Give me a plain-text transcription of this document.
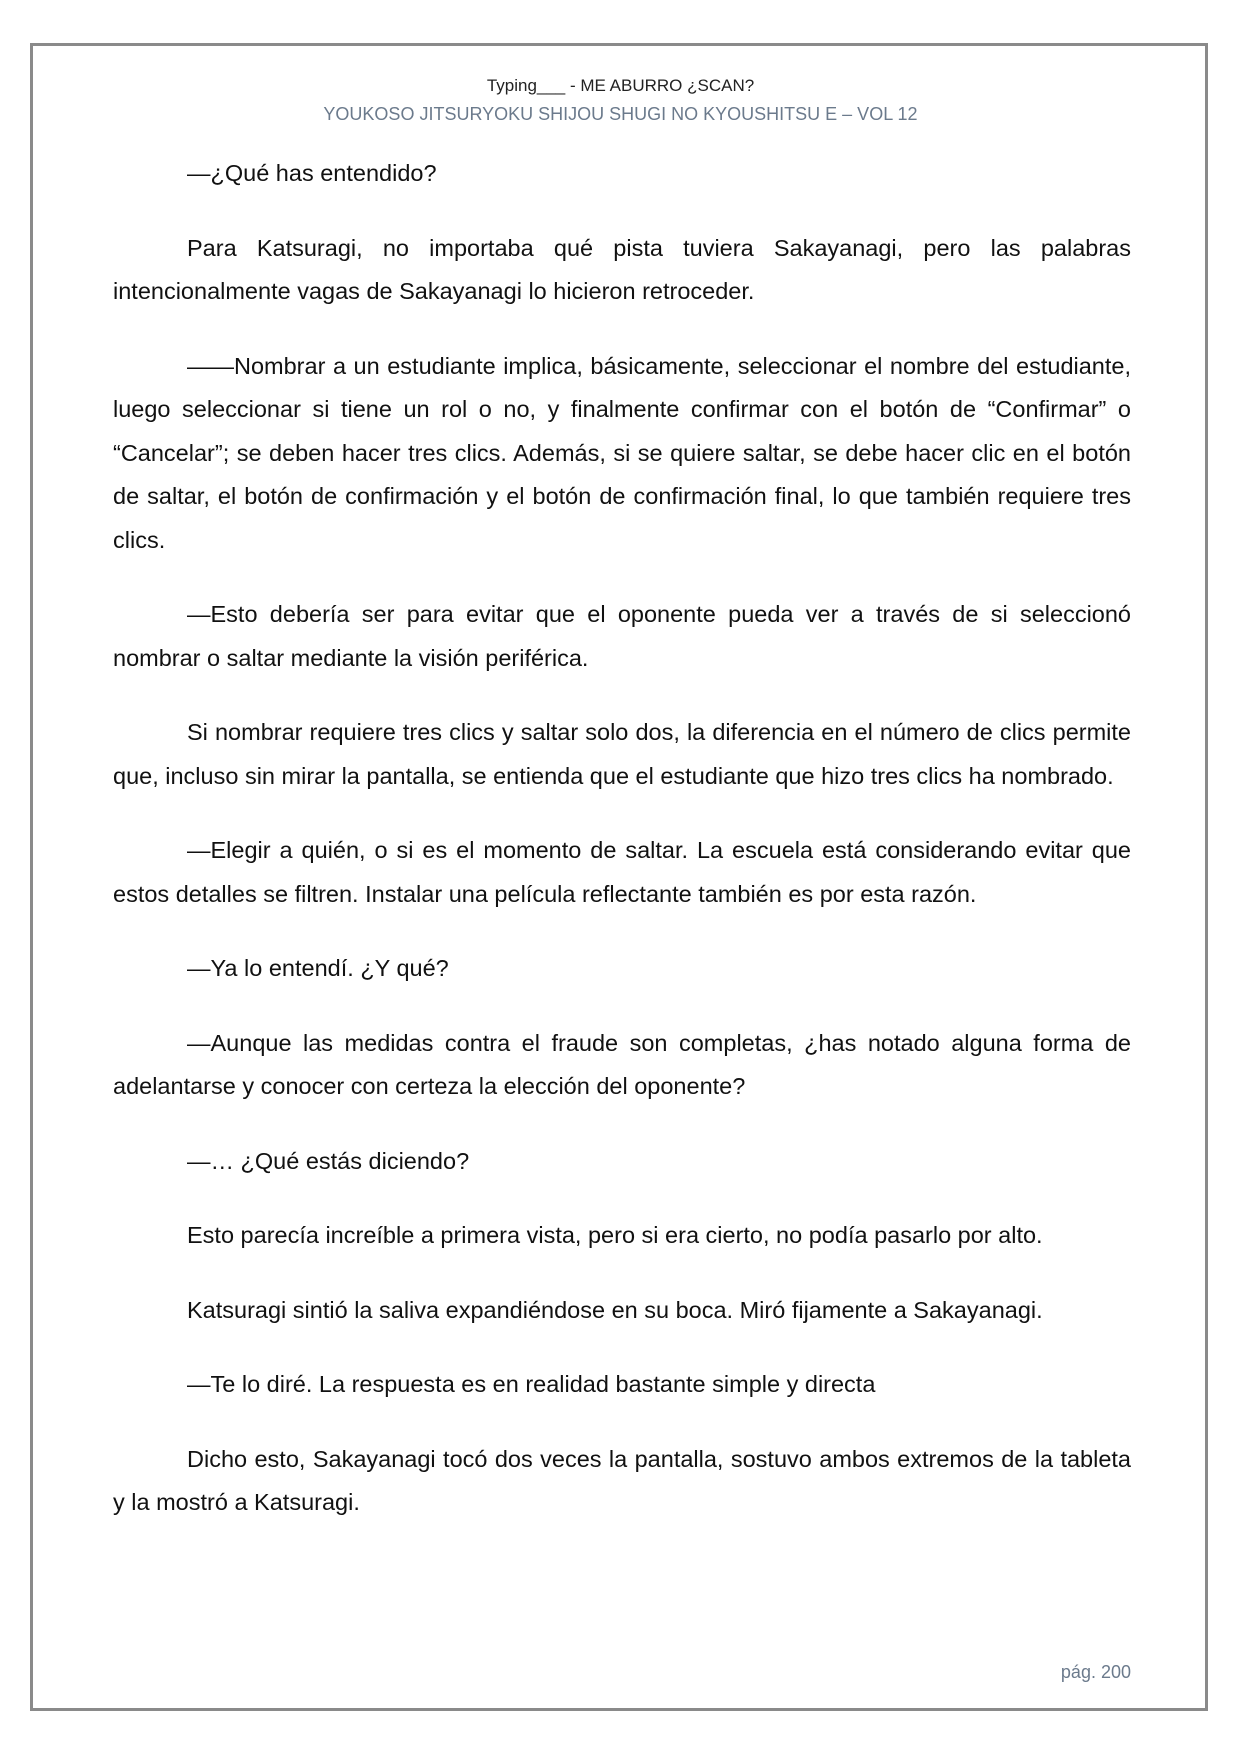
Typing___ - ME ABURRO ¿SCAN?
YOUKOSO JITSURYOKU SHIJOU SHUGI NO KYOUSHITSU E – VOL 12

—¿Qué has entendido?

Para Katsuragi, no importaba qué pista tuviera Sakayanagi, pero las palabras intencionalmente vagas de Sakayanagi lo hicieron retroceder.

——Nombrar a un estudiante implica, básicamente, seleccionar el nombre del estudiante, luego seleccionar si tiene un rol o no, y finalmente confirmar con el botón de “Confirmar” o “Cancelar”; se deben hacer tres clics. Además, si se quiere saltar, se debe hacer clic en el botón de saltar, el botón de confirmación y el botón de confirmación final, lo que también requiere tres clics.

—Esto debería ser para evitar que el oponente pueda ver a través de si seleccionó nombrar o saltar mediante la visión periférica.

Si nombrar requiere tres clics y saltar solo dos, la diferencia en el número de clics permite que, incluso sin mirar la pantalla, se entienda que el estudiante que hizo tres clics ha nombrado.

—Elegir a quién, o si es el momento de saltar. La escuela está considerando evitar que estos detalles se filtren. Instalar una película reflectante también es por esta razón.

—Ya lo entendí. ¿Y qué?

—Aunque las medidas contra el fraude son completas, ¿has notado alguna forma de adelantarse y conocer con certeza la elección del oponente?

—… ¿Qué estás diciendo?

Esto parecía increíble a primera vista, pero si era cierto, no podía pasarlo por alto.

Katsuragi sintió la saliva expandiéndose en su boca. Miró fijamente a Sakayanagi.

—Te lo diré. La respuesta es en realidad bastante simple y directa

Dicho esto, Sakayanagi tocó dos veces la pantalla, sostuvo ambos extremos de la tableta y la mostró a Katsuragi.

pág. 200
